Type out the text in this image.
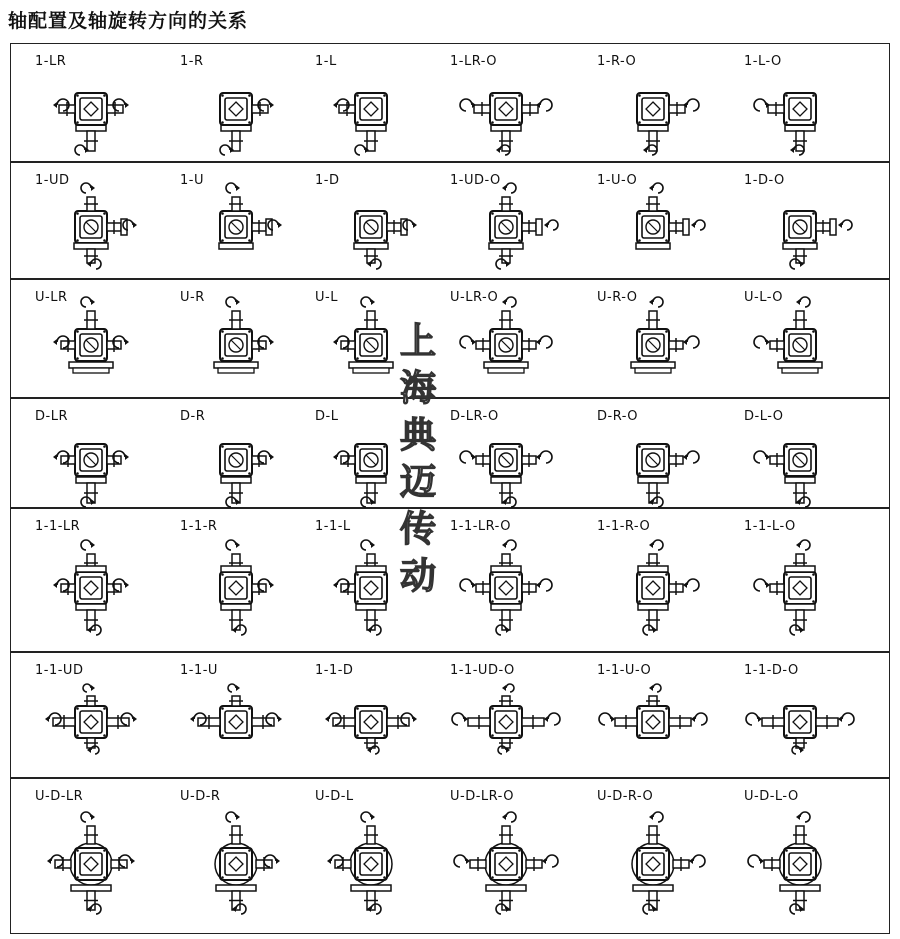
轴配置及轴旋转方向的关系
1-LR	1-R	1-L	1-LR-O	1-R-O	1-L-O
1-UD	1-U	1-D	1-UD-O	1-U-O	1-D-O
U-LR	U-R	U-L	U-LR-O	U-R-O	U-L-O
D-LR	D-R	D-L	D-LR-O	D-R-O	D-L-O
1-1-LR	1-1-R	1-1-L	1-1-LR-O	1-1-R-O	1-1-L-O
1-1-UD	1-1-U	1-1-D	1-1-UD-O	1-1-U-O	1-1-D-O
U-D-LR	U-D-R	U-D-L	U-D-LR-O	U-D-R-O	U-D-L-O
上
海
典
迈
传
动
